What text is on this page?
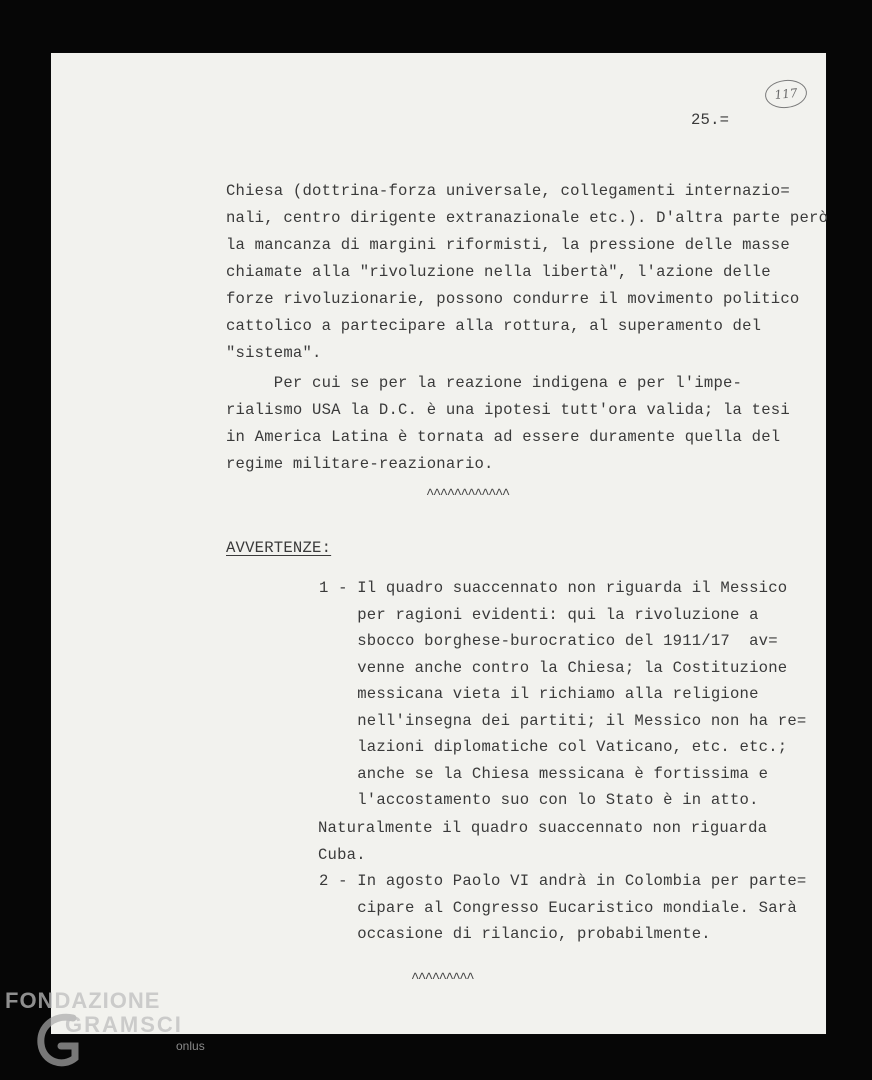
117
25.=
Chiesa (dottrina-forza universale, collegamenti internazio=
nali, centro dirigente extranazionale etc.). D'altra parte però
la mancanza di margini riformisti, la pressione delle masse
chiamate alla "rivoluzione nella libertà", l'azione delle
forze rivoluzionarie, possono condurre il movimento politico
cattolico a partecipare alla rottura, al superamento del
"sistema".
Per cui se per la reazione indigena e per l'impe-
rialismo USA la D.C. è una ipotesi tutt'ora valida; la tesi
in America Latina è tornata ad essere duramente quella del
regime militare-reazionario.
^^^^^^^^^^^^
AVVERTENZE:
1 - Il quadro suaccennato non riguarda il Messico
per ragioni evidenti: qui la rivoluzione a
sbocco borghese-burocratico del 1911/17  av=
venne anche contro la Chiesa; la Costituzione
messicana vieta il richiamo alla religione
nell'insegna dei partiti; il Messico non ha re=
lazioni diplomatiche col Vaticano, etc. etc.;
anche se la Chiesa messicana è fortissima e
l'accostamento suo con lo Stato è in atto.
Naturalmente il quadro suaccennato non riguarda
Cuba.
2 - In agosto Paolo VI andrà in Colombia per parte=
cipare al Congresso Eucaristico mondiale. Sarà
occasione di rilancio, probabilmente.
^^^^^^^^^
FONDAZIONE
GRAMSCI
onlus
